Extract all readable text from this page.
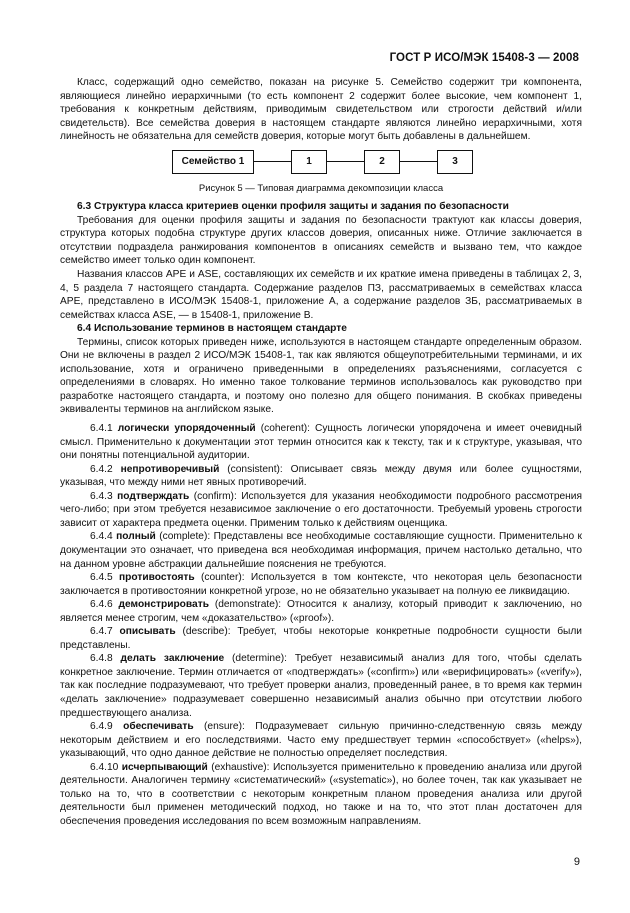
ГОСТ Р ИСО/МЭК 15408-3 — 2008

Класс, содержащий одно семейство, показан на рисунке 5. Семейство содержит три компонента, являющиеся линейно иерархичными (то есть компонент 2 содержит более высокие, чем компонент 1, требования к конкретным действиям, приводимым свидетельством или строгости действий и/или свидетельств). Все семейства доверия в настоящем стандарте являются линейно иерархичными, хотя линейность не обязательна для семейств доверия, которые могут быть добавлены в дальнейшем.

Семейство 1	1	2	3
Рисунок 5 — Типовая диаграмма декомпозиции класса

6.3 Структура класса критериев оценки профиля защиты и задания по безопасности

Требования для оценки профиля защиты и задания по безопасности трактуют как классы доверия, структура которых подобна структуре других классов доверия, описанных ниже. Отличие заключается в отсутствии подраздела ранжирования компонентов в описаниях семейств и вызвано тем, что каждое семейство имеет только один компонент.

Названия классов APE и ASE, составляющих их семейств и их краткие имена приведены в таблицах 2, 3, 4, 5 раздела 7 настоящего стандарта. Содержание разделов ПЗ, рассматриваемых в семействах класса APE, представлено в ИСО/МЭК 15408-1, приложение А, а содержание разделов ЗБ, рассматриваемых в семействах класса ASE, — в 15408-1, приложение В.

6.4 Использование терминов в настоящем стандарте

Термины, список которых приведен ниже, используются в настоящем стандарте определенным образом. Они не включены в раздел 2 ИСО/МЭК 15408-1, так как являются общеупотребительными терминами, и их использование, хотя и ограничено приведенными в определениях разъяснениями, согласуется с определениями в словарях. Но именно такое толкование терминов использовалось как руководство при разработке настоящего стандарта, и поэтому оно полезно для общего понимания. В скобках приведены эквиваленты терминов на английском языке.

6.4.1 логически упорядоченный (coherent): Сущность логически упорядочена и имеет очевидный смысл. Применительно к документации этот термин относится как к тексту, так и к структуре, указывая, что они понятны потенциальной аудитории.

6.4.2 непротиворечивый (consistent): Описывает связь между двумя или более сущностями, указывая, что между ними нет явных противоречий.

6.4.3 подтверждать (confirm): Используется для указания необходимости подробного рассмотрения чего-либо; при этом требуется независимое заключение о его достаточности. Требуемый уровень строгости зависит от характера предмета оценки. Применим только к действиям оценщика.

6.4.4 полный (complete): Представлены все необходимые составляющие сущности. Применительно к документации это означает, что приведена вся необходимая информация, причем настолько детально, что на данном уровне абстракции дальнейшие пояснения не требуются.

6.4.5 противостоять (counter): Используется в том контексте, что некоторая цель безопасности заключается в противостоянии конкретной угрозе, но не обязательно указывает на полную ее ликвидацию.

6.4.6 демонстрировать (demonstrate): Относится к анализу, который приводит к заключению, но является менее строгим, чем «доказательство» («proof»).

6.4.7 описывать (describe): Требует, чтобы некоторые конкретные подробности сущности были представлены.

6.4.8 делать заключение (determine): Требует независимый анализ для того, чтобы сделать конкретное заключение. Термин отличается от «подтверждать» («confirm») или «верифицировать» («verify»), так как последние подразумевают, что требует проверки анализ, проведенный ранее, в то время как термин «делать заключение» подразумевает совершенно независимый анализ обычно при отсутствии любого предшествующего анализа.

6.4.9 обеспечивать (ensure): Подразумевает сильную причинно-следственную связь между некоторым действием и его последствиями. Часто ему предшествует термин «способствует» («helps»), указывающий, что одно данное действие не полностью определяет последствия.

6.4.10 исчерпывающий (exhaustive): Используется применительно к проведению анализа или другой деятельности. Аналогичен термину «систематический» («systematic»), но более точен, так как указывает не только на то, что в соответствии с некоторым конкретным планом проведения анализа или другой деятельности был применен методический подход, но также и на то, что этот план достаточен для обеспечения проведения исследования по всем возможным направлениям.

9
